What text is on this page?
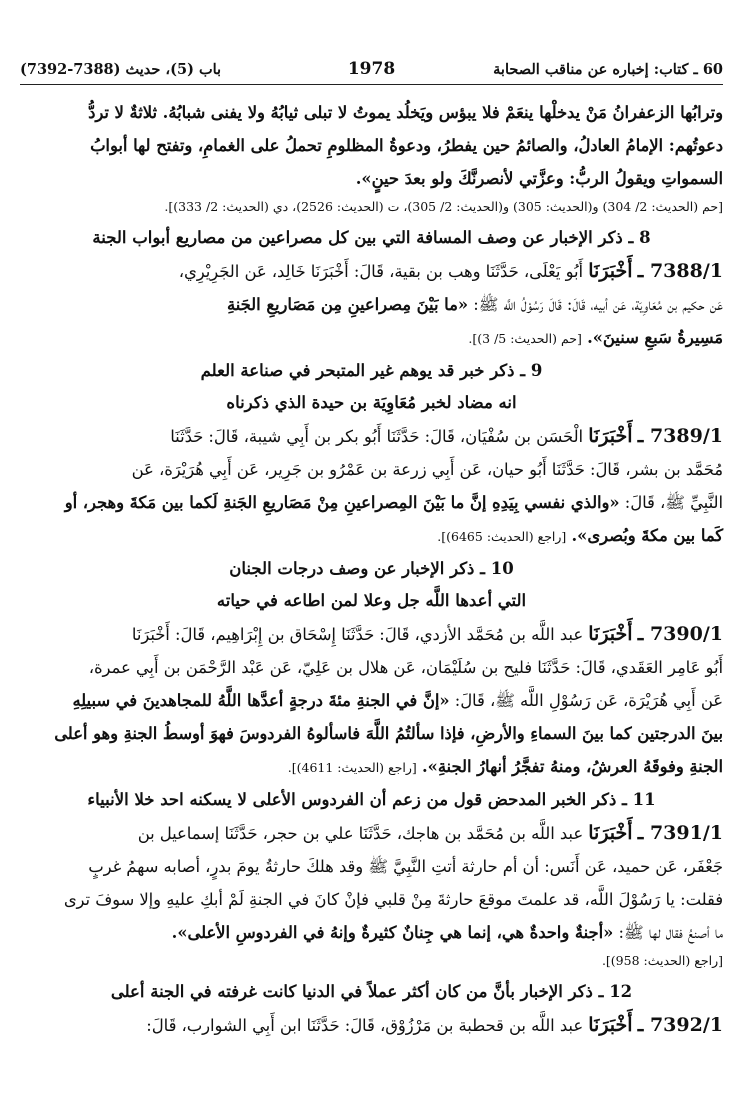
باب (5)، حديث (7388-7392)	1978	60 ـ كتاب: إخباره عن مناقب الصحابة

وترابُها الزعفرانُ مَنْ يدخلْها ينعَمْ فلا يبؤس ويَخلُد يموتُ لا تبلى ثيابُهُ ولا يفنى شبابُهُ. ثلاثةٌ لا تردُّ

دعوتُهم: الإمامُ العادلُ، والصائمُ حين يفطرُ، ودعوةُ المظلومِ تحملُ على الغمامِ، وتفتح لها أبوابُ

السمواتِ ويقولُ الربُّ: وعزَّتي لأنصرنَّكَ ولو بعدَ حينٍ».

[حم (الحديث: 2/ 304) و(الحديث: 305) و(الحديث: 2/ 305)، ت (الحديث: 2526)، دي (الحديث: 2/ 333)].

8 ـ ذكر الإخبار عن وصف المسافة التي بين كل مصراعين من مصاريع أبواب الجنة

7388/1 ـ أَخْبَرَنَا أَبُو يَعْلَى، حَدَّثَنَا وهب بن بقية، قَالَ: أَخْبَرَنَا خَالِد، عَن الجَرِيْرِي،

عَن حكيم بن مُعَاوِيَة، عَن أبيه، قَالَ: قَالَ رَسُوْلُ اللَّه ﷺ: «ما بَيْنَ مِصراعينِ مِن مَصَاريعِ الجَنةِ

مَسِيرةُ سَبعِ سنينَ». [حم (الحديث: 5/ 3)].

9 ـ ذكر خبر قد يوهم غير المتبحر في صناعة العلم
انه مضاد لخبر مُعَاوِيَة بن حيدة الذي ذكرناه

7389/1 ـ أَخْبَرَنَا الْحَسَن بن سُفْيَان، قَالَ: حَدَّثَنَا أَبُو بكر بن أَبِي شيبة، قَالَ: حَدَّثَنَا

مُحَمَّد بن بشر، قَالَ: حَدَّثَنَا أَبُو حيان، عَن أَبِي زرعة بن عَمْرُو بن جَرِير، عَن أَبِي هُرَيْرَة، عَن

النَّبِيِّ ﷺ، قَالَ: «والذي نفسي بِيَدِهِ إنَّ ما بَيْنَ المِصراعينِ مِنْ مَصَاريعِ الجَنةِ لَكما بين مَكةَ وهجر، أو

كَما بين مكةَ وبُصرى». [راجع (الحديث: 6465)].

10 ـ ذكر الإخبار عن وصف درجات الجنان
التي أعدها اللَّه جل وعلا لمن اطاعه في حياته

7390/1 ـ أَخْبَرَنَا عبد اللَّه بن مُحَمَّد الأزدي، قَالَ: حَدَّثَنَا إِسْحَاق بن إِبْرَاهِيم، قَالَ: أَخْبَرَنَا

أَبُو عَامِر العَقَدي، قَالَ: حَدَّثَنَا فليح بن سُلَيْمَان، عَن هلال بن عَلِيّ، عَن عَبْد الرَّحْمَن بن أَبِي عمرة،

عَن أَبِي هُرَيْرَة، عَن رَسُوْلِ اللَّه ﷺ، قَالَ: «إنَّ في الجنةِ مئةَ درجةٍ أعدَّها اللَّهُ للمجاهدينَ في سبيلِهِ

بينَ الدرجتين كما بينَ السماءِ والأرضِ، فإذا سألتُمُ اللَّهَ فاسألوهُ الفردوسَ فهوَ أوسطُ الجنةِ وهو أعلى

الجنةِ وفوقَهُ العرشُ، ومنهُ تفجَّرُ أنهارُ الجنةِ». [راجع (الحديث: 4611)].

11 ـ ذكر الخبر المدحض قول من زعم أن الفردوس الأعلى لا يسكنه احد خلا الأنبياء

7391/1 ـ أَخْبَرَنَا عبد اللَّه بن مُحَمَّد بن هاجك، حَدَّثَنَا علي بن حجر، حَدَّثَنَا إسماعيل بن

جَعْفَر، عَن حميد، عَن أَنَس: أن أم حارثة أتتِ النَّبِيَّ ﷺ وقد هلكَ حارثةُ يومَ بدرٍ، أصابه سهمُ غربٍ

فقلت: يا رَسُوْلَ اللَّه، قد علمتَ موقعَ حارثةَ مِنْ قلبي فإنْ كانَ في الجنةِ لَمْ أبكِ عليهِ وإلا سوفَ ترى

ما أصنعُ فقال لها ﷺ: «أجنةٌ واحدةٌ هي، إنما هي جِنانٌ كثيرةٌ وإنهُ في الفردوسِ الأعلى».

[راجع (الحديث: 958)].

12 ـ ذكر الإخبار بأنَّ من كان أكثر عملاً في الدنيا كانت غرفته في الجنة أعلى

7392/1 ـ أَخْبَرَنَا عبد اللَّه بن قحطبة بن مَرْزُوْق، قَالَ: حَدَّثَنَا ابن أَبِي الشوارب، قَالَ:
